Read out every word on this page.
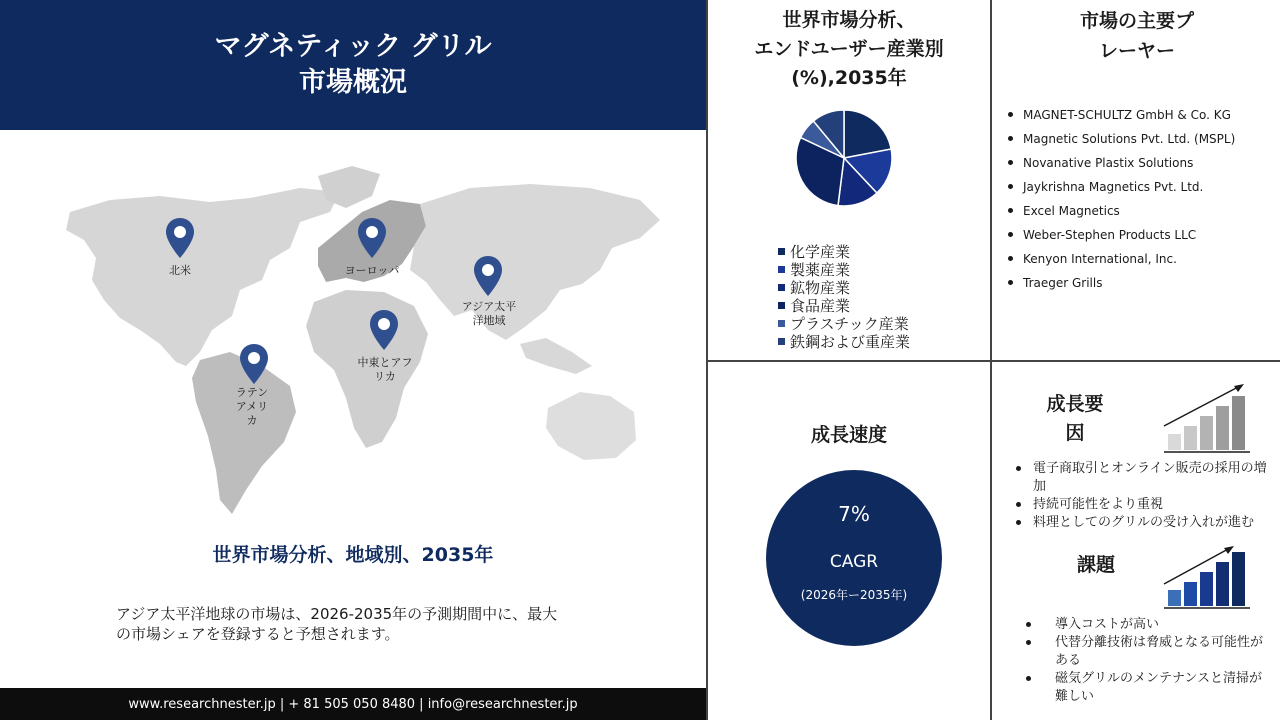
マグネティック グリル
市場概況
北米	ヨーロッパ
アジア太平
洋地域
中東とアフ
リカ
ラテン
アメリ
カ
世界市場分析、地域別、2035年
アジア太平洋地球の市場は、2026-2035年の予測期間中に、最大
の市場シェアを登録すると予想されます。
www.researchnester.jp | + 81 505 050 8480 | info@researchnester.jp
世界市場分析、
エンドユーザー産業別
(%),2035年
化学産業
製薬産業
鉱物産業
食品産業
プラスチック産業
鉄鋼および重産業
市場の主要プ
レーヤー
MAGNET-SCHULTZ GmbH & Co. KG
Magnetic Solutions Pvt. Ltd. (MSPL)
Novanative Plastix Solutions
Jaykrishna Magnetics Pvt. Ltd.
Excel Magnetics
Weber-Stephen Products LLC
Kenyon International, Inc.
Traeger Grills
成長速度
7%
CAGR
(2026年ー2035年)
成長要
因
電子商取引とオンライン販売の採用の増加
持続可能性をより重視
料理としてのグリルの受け入れが進む
課題
導入コストが高い
代替分離技術は脅威となる可能性がある
磁気グリルのメンテナンスと清掃が難しい
